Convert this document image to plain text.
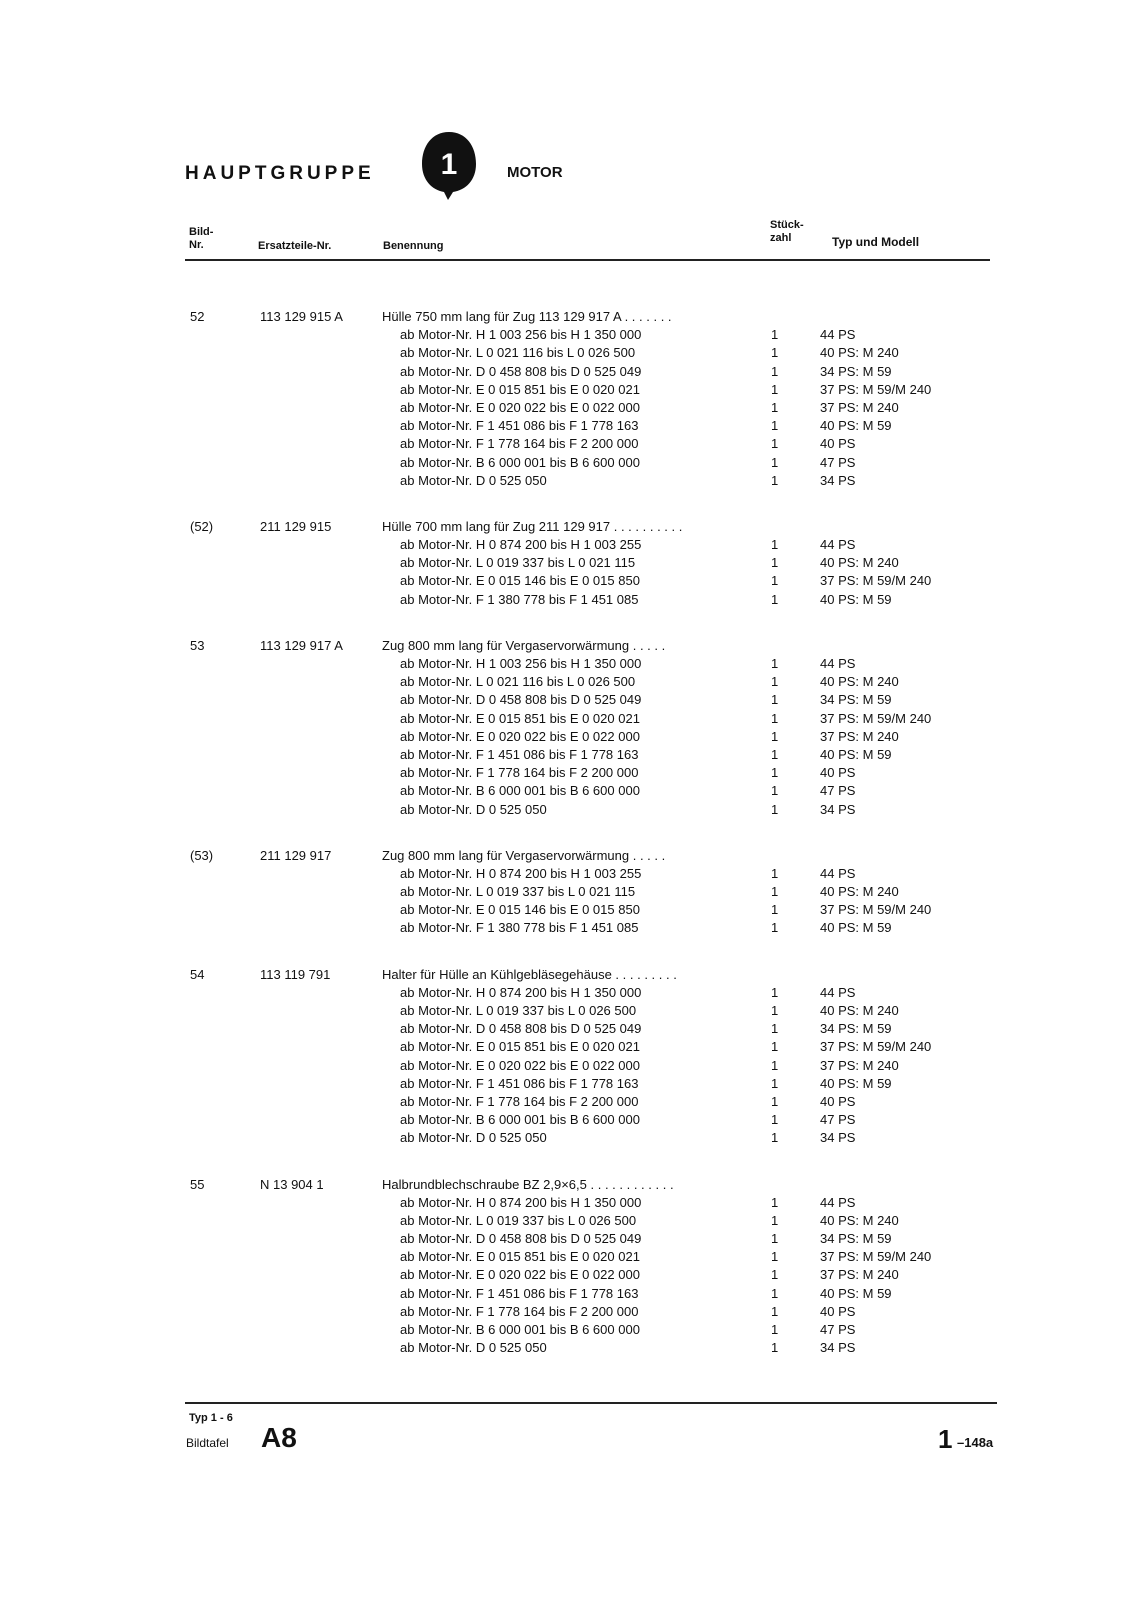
HAUPTGRUPPE 1	MOTOR
Bild-
Nr.	Ersatzteile-Nr.	Benennung
Stück-
zahl	Typ und Modell
52	113 129 915 A	Hülle 750 mm lang für Zug 113 129 917 A . . . . . . .
ab Motor-Nr. H 1 003 256 bis H 1 350 000	1	44 PS
ab Motor-Nr. L 0 021 116 bis L 0 026 500	1	40 PS: M 240
ab Motor-Nr. D 0 458 808 bis D 0 525 049	1	34 PS: M 59
ab Motor-Nr. E 0 015 851 bis E 0 020 021	1	37 PS: M 59/M 240
ab Motor-Nr. E 0 020 022 bis E 0 022 000	1	37 PS: M 240
ab Motor-Nr. F 1 451 086 bis F 1 778 163	1	40 PS: M 59
ab Motor-Nr. F 1 778 164 bis F 2 200 000	1	40 PS
ab Motor-Nr. B 6 000 001 bis B 6 600 000	1	47 PS
ab Motor-Nr. D 0 525 050	1	34 PS
(52)	211 129 915	Hülle 700 mm lang für Zug 211 129 917 . . . . . . . . . .
ab Motor-Nr. H 0 874 200 bis H 1 003 255	1	44 PS
ab Motor-Nr. L 0 019 337 bis L 0 021 115	1	40 PS: M 240
ab Motor-Nr. E 0 015 146 bis E 0 015 850	1	37 PS: M 59/M 240
ab Motor-Nr. F 1 380 778 bis F 1 451 085	1	40 PS: M 59
53	113 129 917 A	Zug 800 mm lang für Vergaservorwärmung . . . . .
ab Motor-Nr. H 1 003 256 bis H 1 350 000	1	44 PS
ab Motor-Nr. L 0 021 116 bis L 0 026 500	1	40 PS: M 240
ab Motor-Nr. D 0 458 808 bis D 0 525 049	1	34 PS: M 59
ab Motor-Nr. E 0 015 851 bis E 0 020 021	1	37 PS: M 59/M 240
ab Motor-Nr. E 0 020 022 bis E 0 022 000	1	37 PS: M 240
ab Motor-Nr. F 1 451 086 bis F 1 778 163	1	40 PS: M 59
ab Motor-Nr. F 1 778 164 bis F 2 200 000	1	40 PS
ab Motor-Nr. B 6 000 001 bis B 6 600 000	1	47 PS
ab Motor-Nr. D 0 525 050	1	34 PS
(53)	211 129 917	Zug 800 mm lang für Vergaservorwärmung . . . . .
ab Motor-Nr. H 0 874 200 bis H 1 003 255	1	44 PS
ab Motor-Nr. L 0 019 337 bis L 0 021 115	1	40 PS: M 240
ab Motor-Nr. E 0 015 146 bis E 0 015 850	1	37 PS: M 59/M 240
ab Motor-Nr. F 1 380 778 bis F 1 451 085	1	40 PS: M 59
54	113 119 791	Halter für Hülle an Kühlgebläsegehäuse . . . . . . . . .
ab Motor-Nr. H 0 874 200 bis H 1 350 000	1	44 PS
ab Motor-Nr. L 0 019 337 bis L 0 026 500	1	40 PS: M 240
ab Motor-Nr. D 0 458 808 bis D 0 525 049	1	34 PS: M 59
ab Motor-Nr. E 0 015 851 bis E 0 020 021	1	37 PS: M 59/M 240
ab Motor-Nr. E 0 020 022 bis E 0 022 000	1	37 PS: M 240
ab Motor-Nr. F 1 451 086 bis F 1 778 163	1	40 PS: M 59
ab Motor-Nr. F 1 778 164 bis F 2 200 000	1	40 PS
ab Motor-Nr. B 6 000 001 bis B 6 600 000	1	47 PS
ab Motor-Nr. D 0 525 050	1	34 PS
55	N 13 904 1	Halbrundblechschraube BZ 2,9×6,5 . . . . . . . . . . . .
ab Motor-Nr. H 0 874 200 bis H 1 350 000	1	44 PS
ab Motor-Nr. L 0 019 337 bis L 0 026 500	1	40 PS: M 240
ab Motor-Nr. D 0 458 808 bis D 0 525 049	1	34 PS: M 59
ab Motor-Nr. E 0 015 851 bis E 0 020 021	1	37 PS: M 59/M 240
ab Motor-Nr. E 0 020 022 bis E 0 022 000	1	37 PS: M 240
ab Motor-Nr. F 1 451 086 bis F 1 778 163	1	40 PS: M 59
ab Motor-Nr. F 1 778 164 bis F 2 200 000	1	40 PS
ab Motor-Nr. B 6 000 001 bis B 6 600 000	1	47 PS
ab Motor-Nr. D 0 525 050	1	34 PS
Typ 1 - 6
Bildtafel A8	1 –148a
